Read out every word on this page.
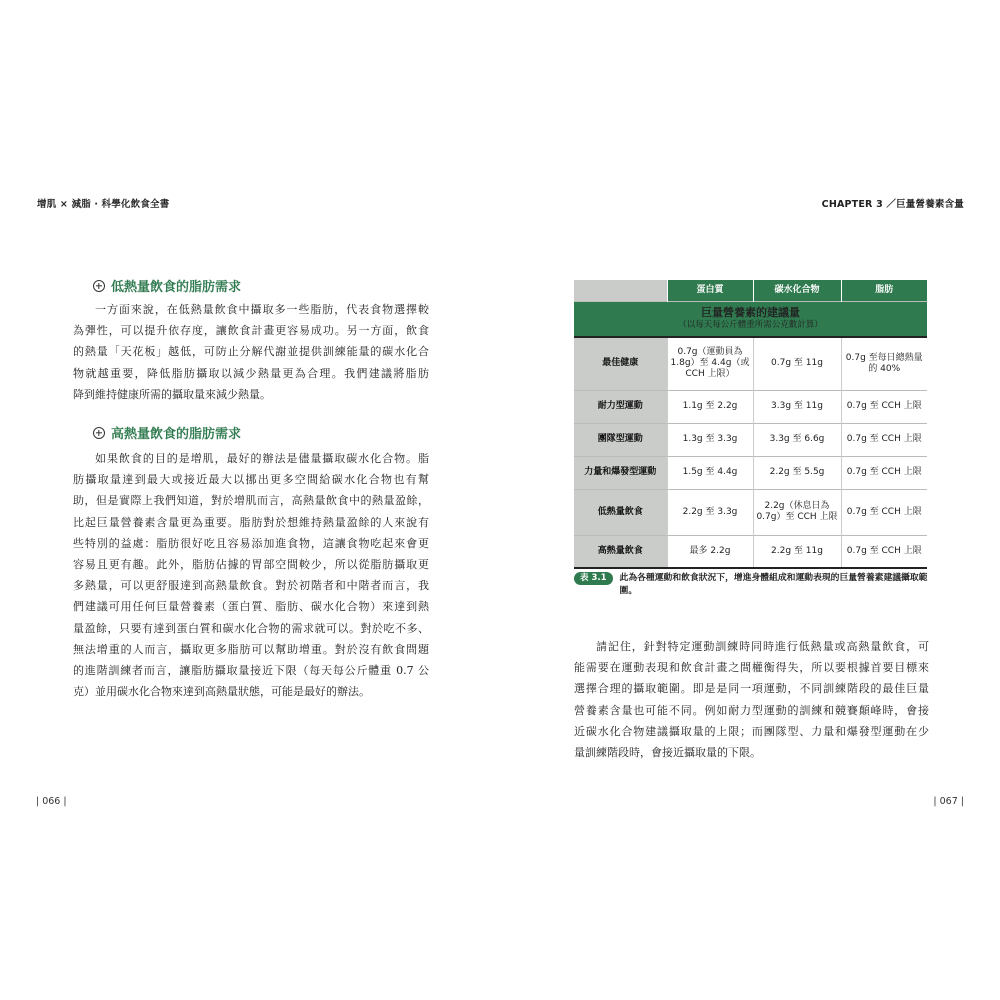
增肌 × 減脂 ‧ 科學化飲食全書	CHAPTER 3 ／巨量營養素含量
低熱量飲食的脂肪需求
一方面來說，在低熱量飲食中攝取多一些脂肪，代表食物選擇較
為彈性，可以提升依存度，讓飲食計畫更容易成功。另一方面，飲食
的熱量「天花板」越低，可防止分解代謝並提供訓練能量的碳水化合
物就越重要，降低脂肪攝取以減少熱量更為合理。我們建議將脂肪
降到維持健康所需的攝取量來減少熱量。
高熱量飲食的脂肪需求
如果飲食的目的是增肌，最好的辦法是儘量攝取碳水化合物。脂
肪攝取量達到最大或接近最大以挪出更多空間給碳水化合物也有幫
助，但是實際上我們知道，對於增肌而言，高熱量飲食中的熱量盈餘，
比起巨量營養素含量更為重要。脂肪對於想維持熱量盈餘的人來說有
些特別的益處：脂肪很好吃且容易添加進食物，這讓食物吃起來會更
容易且更有趣。此外，脂肪佔據的胃部空間較少，所以從脂肪攝取更
多熱量，可以更舒服達到高熱量飲食。對於初階者和中階者而言，我
們建議可用任何巨量營養素（蛋白質、脂肪、碳水化合物）來達到熱
量盈餘，只要有達到蛋白質和碳水化合物的需求就可以。對於吃不多、
無法增重的人而言，攝取更多脂肪可以幫助增重。對於沒有飲食問題
的進階訓練者而言，讓脂肪攝取量接近下限（每天每公斤體重 0.7 公
克）並用碳水化合物來達到高熱量狀態，可能是最好的辦法。
巨量營養素的建議量
（以每天每公斤體重所需公克數計算）			

	蛋白質	碳水化合物	脂肪
最佳健康	0.7g（運動員為 1.8g）至 4.4g（或 CCH 上限）	0.7g 至 11g	0.7g 至每日總熱量的 40%
耐力型運動	1.1g 至 2.2g	3.3g 至 11g	0.7g 至 CCH 上限
團隊型運動	1.3g 至 3.3g	3.3g 至 6.6g	0.7g 至 CCH 上限
力量和爆發型運動	1.5g 至 4.4g	2.2g 至 5.5g	0.7g 至 CCH 上限
低熱量飲食	2.2g 至 3.3g	2.2g（休息日為 0.7g）至 CCH 上限	0.7g 至 CCH 上限
高熱量飲食	最多 2.2g	2.2g 至 11g	0.7g 至 CCH 上限
表 3.1	此為各種運動和飲食狀況下，增進身體組成和運動表現的巨量營養素建議攝取範圍。
請記住，針對特定運動訓練時同時進行低熱量或高熱量飲食，可
能需要在運動表現和飲食計畫之間權衡得失，所以要根據首要目標來
選擇合理的攝取範圍。即是是同一項運動，不同訓練階段的最佳巨量
營養素含量也可能不同。例如耐力型運動的訓練和競賽顛峰時，會接
近碳水化合物建議攝取量的上限；而團隊型、力量和爆發型運動在少
量訓練階段時，會接近攝取量的下限。
| 066 |	| 067 |
